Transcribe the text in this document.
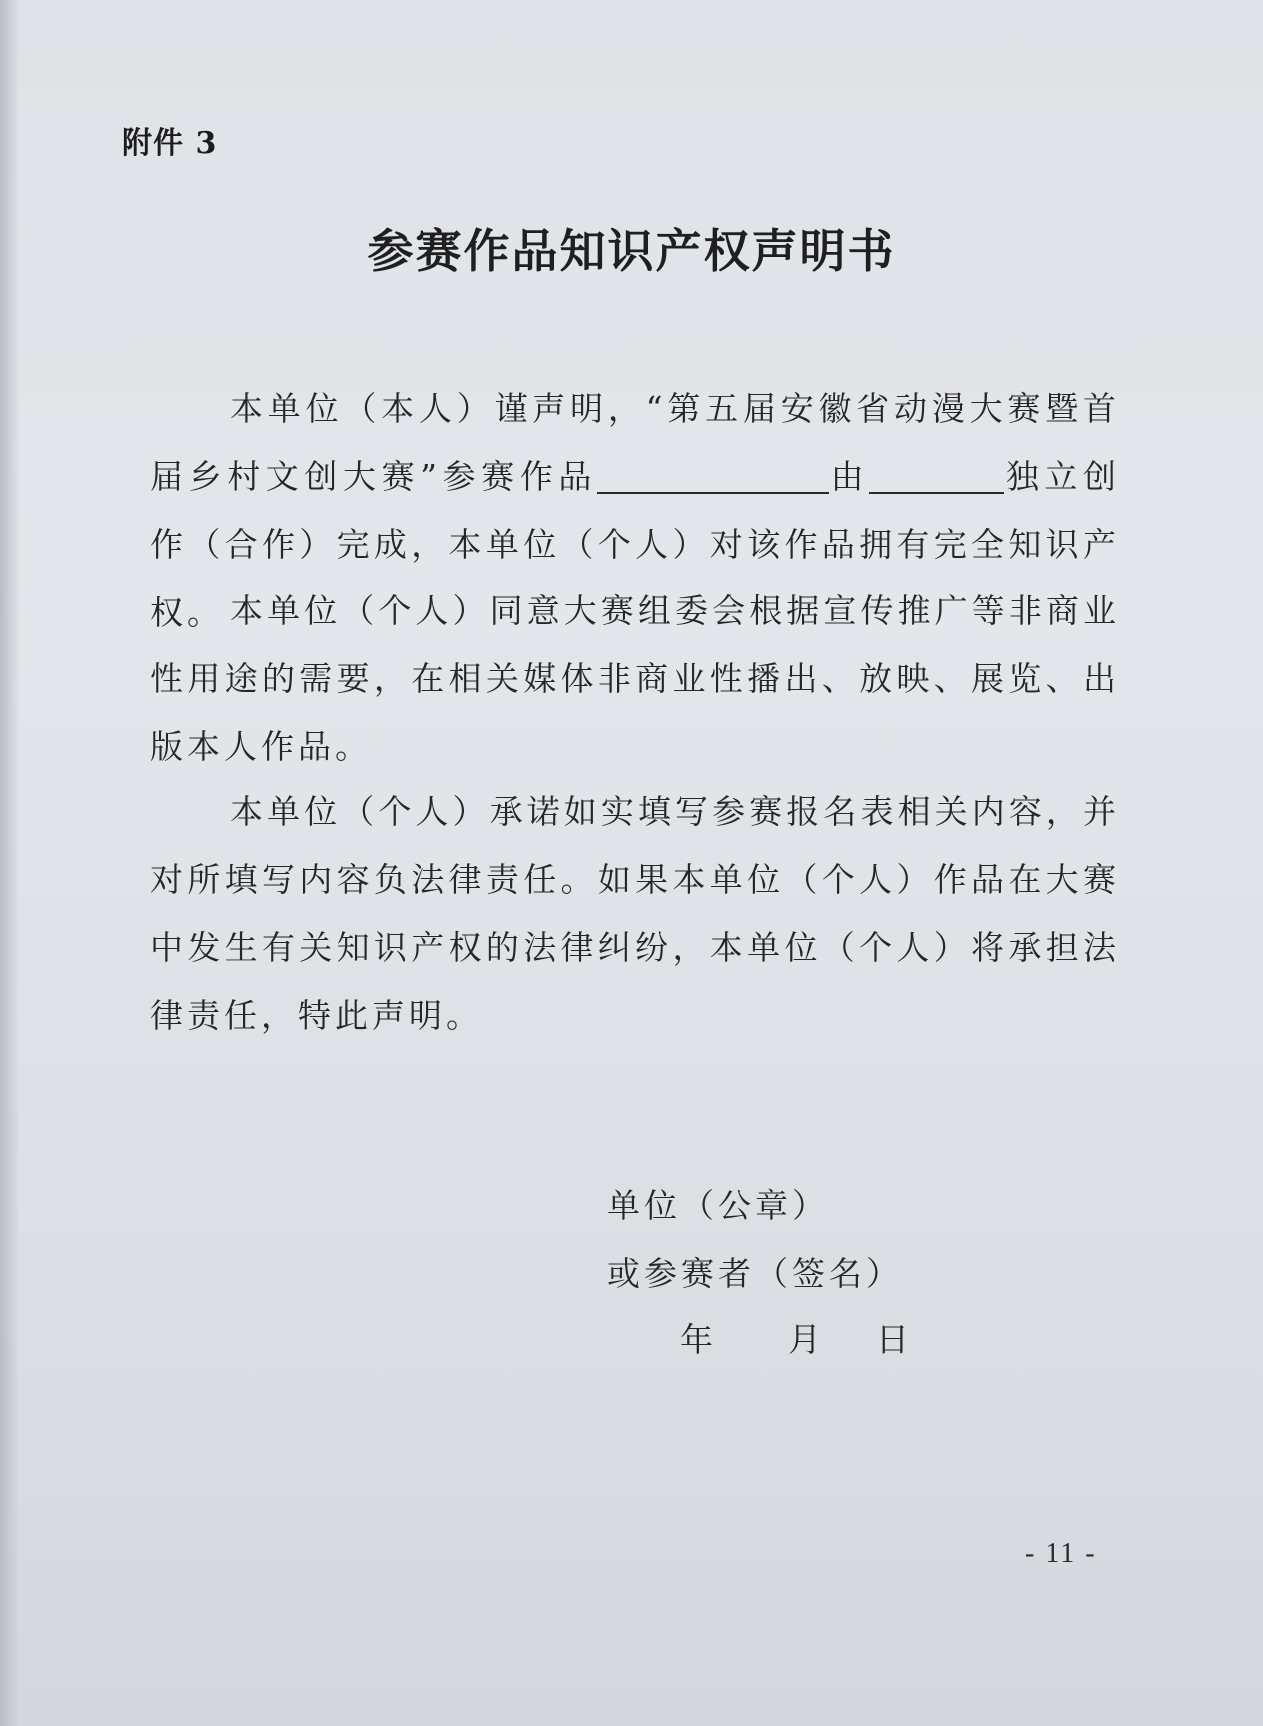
附件 3
参赛作品知识产权声明书
本单位（本人）谨声明，“第五届安徽省动漫大赛暨首届乡村文创大赛”参赛作品	由	独立创作（合作）完成，本单位（个人）对该作品拥有完全知识产权。 本单位（个人）同意大赛组委会根据宣传推广等非商业性用途的需要，在相关媒体非商业性播出、放映、展览、出版本人作品。
本单位（个人）承诺如实填写参赛报名表相关内容，并对所填写内容负法律责任。如果本单位（个人）作品在大赛中发生有关知识产权的法律纠纷，本单位（个人）将承担法律责任，特此声明。
单位（公章）
或参赛者（签名）
年 月 日
- 11 -
